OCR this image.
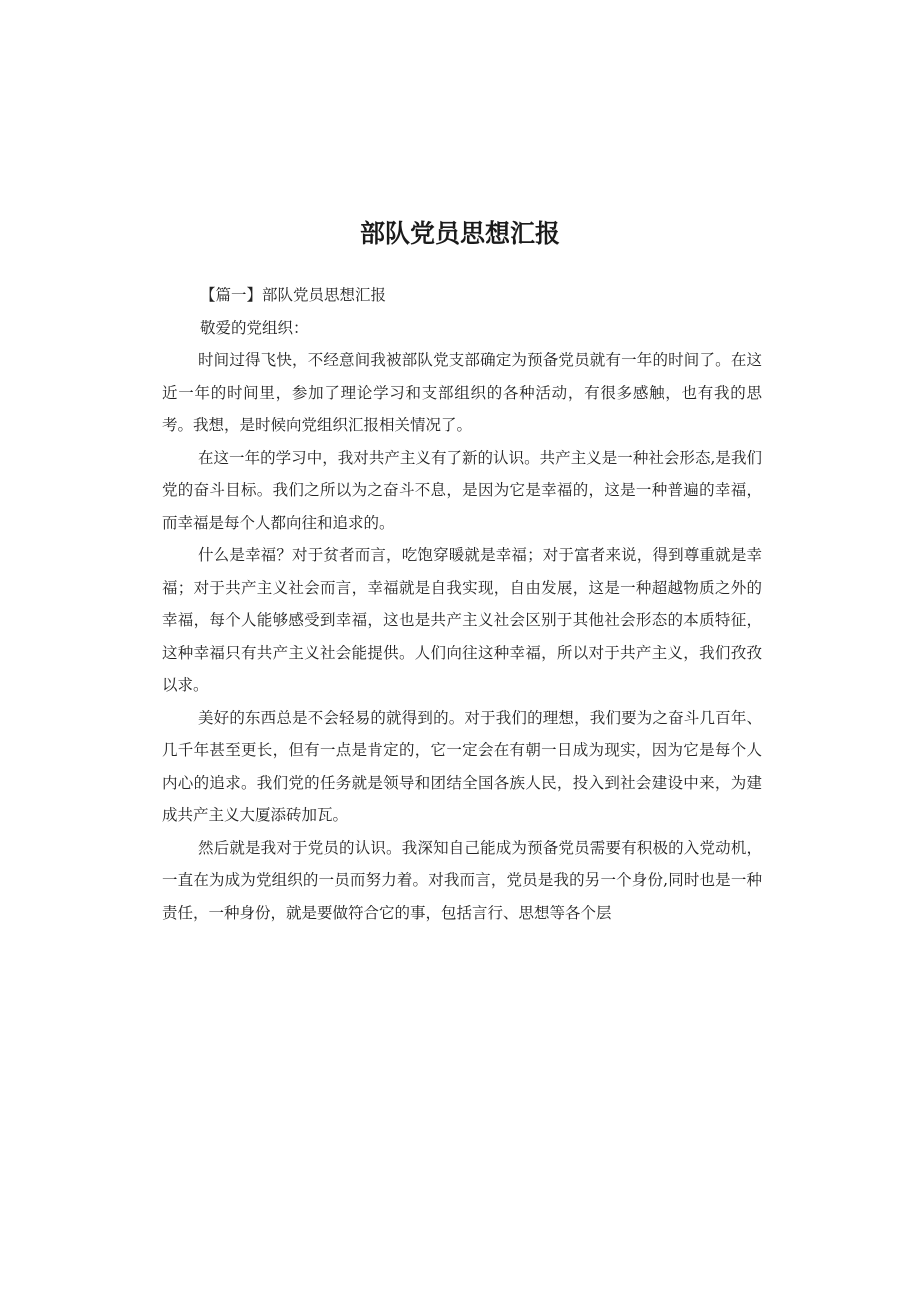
部队党员思想汇报

【篇一】部队党员思想汇报

敬爱的党组织：

时间过得飞快，不经意间我被部队党支部确定为预备党员就有一年的时间了。在这近一年的时间里，参加了理论学习和支部组织的各种活动，有很多感触，也有我的思考。我想，是时候向党组织汇报相关情况了。

在这一年的学习中，我对共产主义有了新的认识。共产主义是一种社会形态,是我们党的奋斗目标。我们之所以为之奋斗不息，是因为它是幸福的，这是一种普遍的幸福，而幸福是每个人都向往和追求的。

什么是幸福？对于贫者而言，吃饱穿暖就是幸福；对于富者来说，得到尊重就是幸福；对于共产主义社会而言，幸福就是自我实现，自由发展，这是一种超越物质之外的幸福，每个人能够感受到幸福，这也是共产主义社会区别于其他社会形态的本质特征，这种幸福只有共产主义社会能提供。人们向往这种幸福，所以对于共产主义，我们孜孜以求。

美好的东西总是不会轻易的就得到的。对于我们的理想，我们要为之奋斗几百年、几千年甚至更长，但有一点是肯定的，它一定会在有朝一日成为现实，因为它是每个人内心的追求。我们党的任务就是领导和团结全国各族人民，投入到社会建设中来，为建成共产主义大厦添砖加瓦。

然后就是我对于党员的认识。我深知自己能成为预备党员需要有积极的入党动机，一直在为成为党组织的一员而努力着。对我而言，党员是我的另一个身份,同时也是一种责任，一种身份，就是要做符合它的事，包括言行、思想等各个层
